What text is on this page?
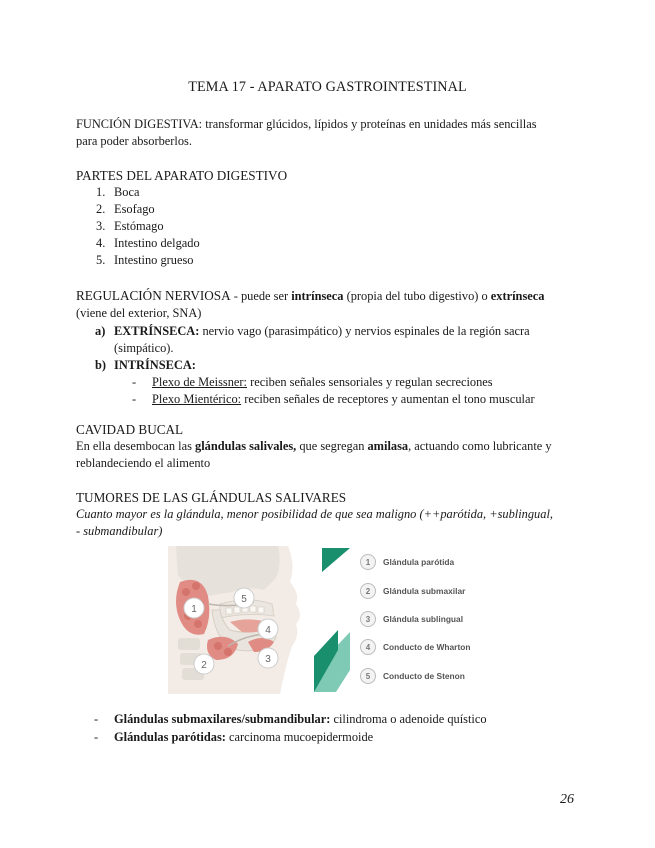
TEMA 17 - APARATO GASTROINTESTINAL
FUNCIÓN DIGESTIVA: transformar glúcidos, lípidos y proteínas en unidades más sencillas
para poder absorberlos.
PARTES DEL APARATO DIGESTIVO
1. Boca
2. Esofago
3. Estómago
4. Intestino delgado
5. Intestino grueso
REGULACIÓN NERVIOSA - puede ser intrínseca (propia del tubo digestivo) o extrínseca
(viene del exterior, SNA)
a) EXTRÍNSECA: nervio vago (parasimpático) y nervios espinales de la región sacra
(simpático).
b) INTRÍNSECA:
- Plexo de Meissner: reciben señales sensoriales y regulan secreciones
- Plexo Mientérico: reciben señales de receptores y aumentan el tono muscular
CAVIDAD BUCAL
En ella desembocan las glándulas salivales, que segregan amilasa, actuando como lubricante y
reblandeciendo el alimento
TUMORES DE LAS GLÁNDULAS SALIVARES
Cuanto mayor es la glándula, menor posibilidad de que sea maligno (++parótida, +sublingual,
- submandibular)
1
2
3
4
5
1	Glándula parótida
2	Glándula submaxilar
3	Glándula sublingual
4	Conducto de Wharton
5	Conducto de Stenon
- Glándulas submaxilares/submandibular: cilindroma o adenoide quístico
- Glándulas parótidas: carcinoma mucoepidermoide
26
